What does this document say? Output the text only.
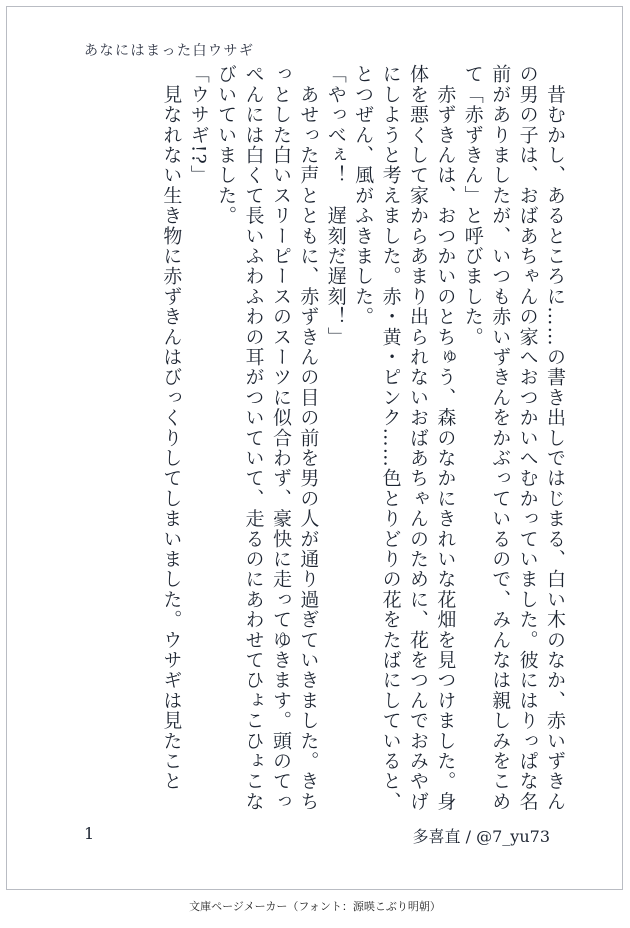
あなにはまった白ウサギ

　昔むかし、あるところに……の書き出しではじまる、白い木のなか、赤いずきんの男の子は、おばあちゃんの家へおつかいへむかっていました。彼にはりっぱな名前がありましたが、いつも赤いずきんをかぶっているので、みんなは親しみをこめて「赤ずきん」と呼びました。

　赤ずきんは、おつかいのとちゅう、森のなかにきれいな花畑を見つけました。身体を悪くして家からあまり出られないおばあちゃんのために、花をつんでおみやげにしようと考えました。赤・黄・ピンク……色とりどりの花をたばにしていると、とつぜん、風がふきました。

「やっべぇ！　遅刻だ遅刻！」

　あせった声とともに、赤ずきんの目の前を男の人が通り過ぎていきました。きちっとした白いスリーピースのスーツに似合わず、豪快に走ってゆきます。頭のてっぺんには白くて長いふわふわの耳がついていて、走るのにあわせてひょこひょこなびいていました。

「ウサギ!?」

　見なれない生き物に赤ずきんはびっくりしてしまいました。ウサギは見たこと

1	多喜直 / @7_yu73
文庫ページメーカー（フォント：源暎こぶり明朝）
